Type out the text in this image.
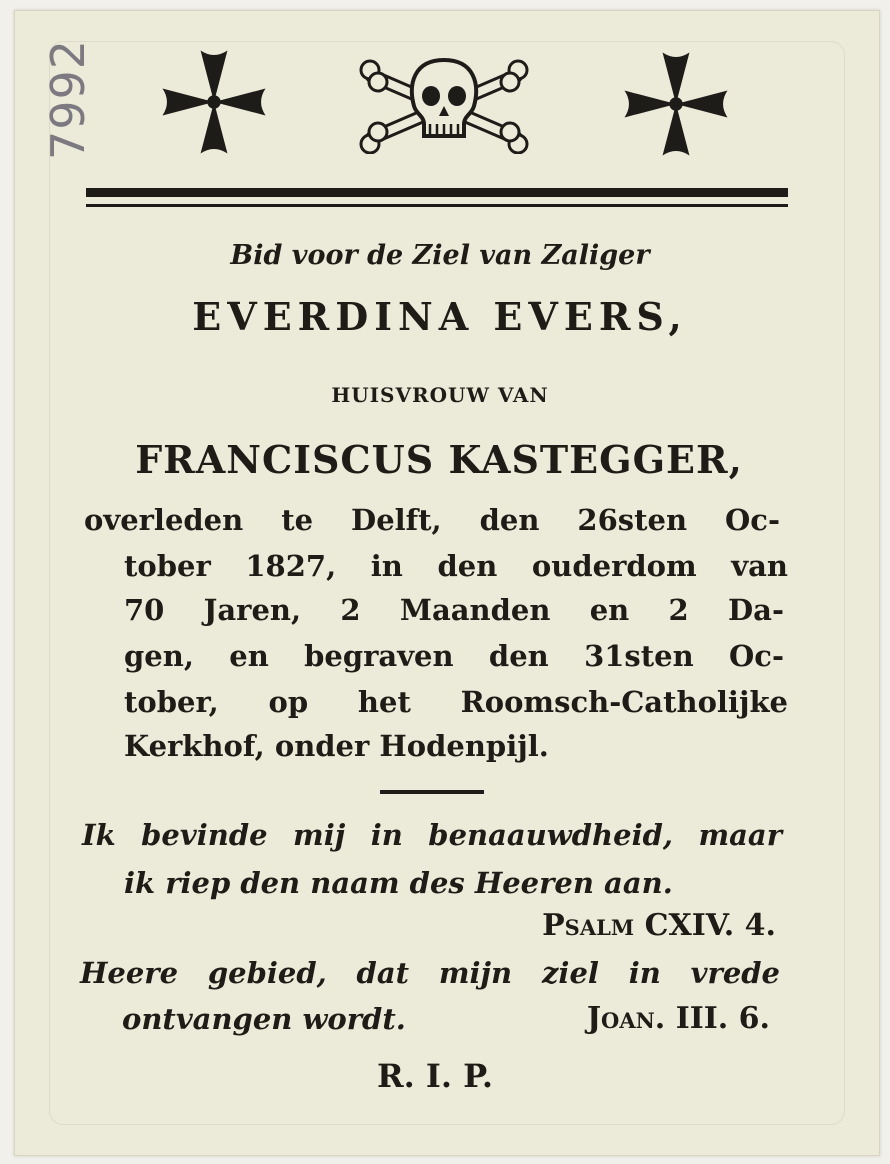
7992

Bid voor de Ziel van Zaliger

EVERDINA EVERS,

HUISVROUW VAN

FRANCISCUS KASTEGGER,

overleden te Delft, den 26sten Oc-

tober 1827, in den ouderdom van

70 Jaren, 2 Maanden en 2 Da-

gen, en begraven den 31sten Oc-

tober, op het Roomsch-Catholijke

Kerkhof, onder Hodenpijl.

Ik bevinde mij in benaauwdheid, maar

ik riep den naam des Heeren aan.

Psalm CXIV. 4.

Heere gebied, dat mijn ziel in vrede

ontvangen wordt.	Joan. III. 6.

R. I. P.
